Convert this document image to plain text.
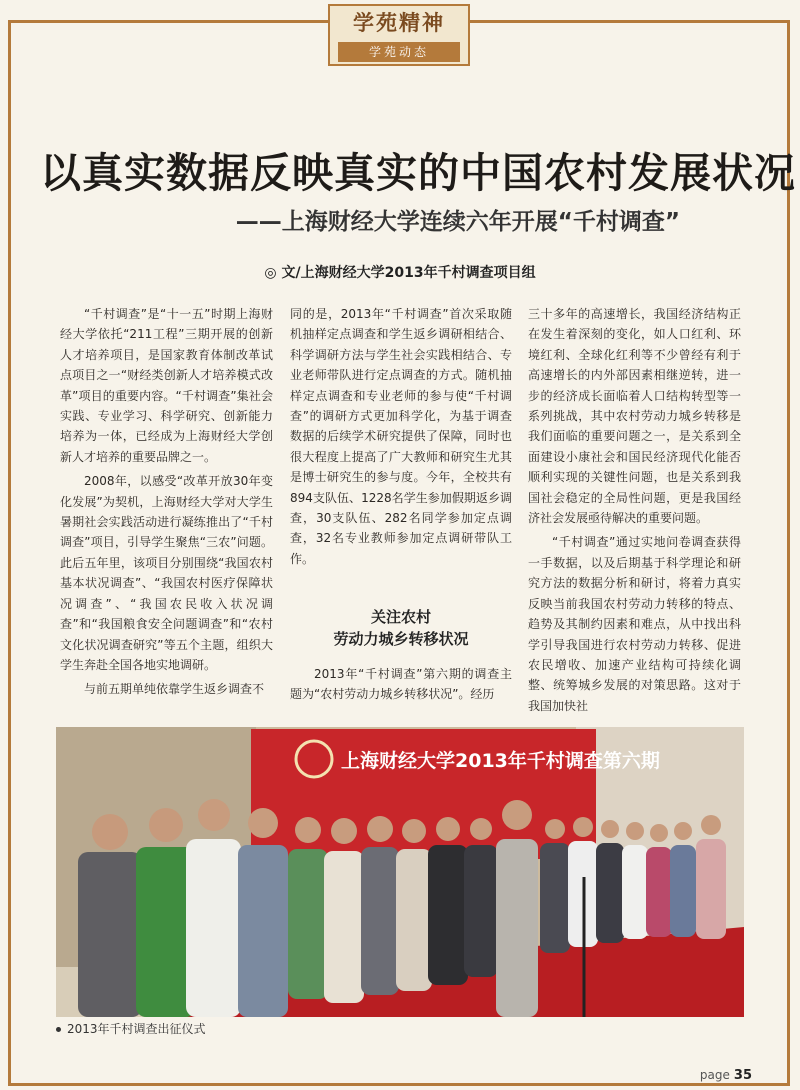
学苑精神
学苑动态
以真实数据反映真实的中国农村发展状况
——上海财经大学连续六年开展“千村调查”
◎ 文/上海财经大学2013年千村调查项目组

“千村调查”是“十一五”时期上海财经大学依托“211工程”三期开展的创新人才培养项目，是国家教育体制改革试点项目之一“财经类创新人才培养模式改革”项目的重要内容。“千村调查”集社会实践、专业学习、科学研究、创新能力培养为一体，已经成为上海财经大学创新人才培养的重要品牌之一。

2008年，以感受“改革开放30年变化发展”为契机，上海财经大学对大学生暑期社会实践活动进行凝练推出了“千村调查”项目，引导学生聚焦“三农”问题。此后五年里，该项目分别围绕“我国农村基本状况调查”、“我国农村医疗保障状况调查”、“我国农民收入状况调查”和“我国粮食安全问题调查”和“农村文化状况调查研究”等五个主题，组织大学生奔赴全国各地实地调研。

与前五期单纯依靠学生返乡调查不

同的是，2013年“千村调查”首次采取随机抽样定点调查和学生返乡调研相结合、科学调研方法与学生社会实践相结合、专业老师带队进行定点调查的方式。随机抽样定点调查和专业老师的参与使“千村调查”的调研方式更加科学化，为基于调查数据的后续学术研究提供了保障，同时也很大程度上提高了广大教师和研究生尤其是博士研究生的参与度。今年，全校共有894支队伍、1228名学生参加假期返乡调查，30支队伍、282名同学参加定点调查，32名专业教师参加定点调研带队工作。

关注农村
劳动力城乡转移状况

2013年“千村调查”第六期的调查主题为“农村劳动力城乡转移状况”。经历

三十多年的高速增长，我国经济结构正在发生着深刻的变化，如人口红利、环境红利、全球化红利等不少曾经有利于高速增长的内外部因素相继逆转，进一步的经济成长面临着人口结构转型等一系列挑战，其中农村劳动力城乡转移是我们面临的重要问题之一，是关系到全面建设小康社会和国民经济现代化能否顺利实现的关键性问题，也是关系到我国社会稳定的全局性问题，更是我国经济社会发展亟待解决的重要问题。

“千村调查”通过实地问卷调查获得一手数据，以及后期基于科学理论和研究方法的数据分析和研讨，将着力真实反映当前我国农村劳动力转移的特点、趋势及其制约因素和难点，从中找出科学引导我国进行农村劳动力转移、促进农民增收、加速产业结构可持续化调整、统筹城乡发展的对策思路。这对于我国加快社

上海财经大学2013年千村调查第六期
2013年千村调查出征仪式
page 35
